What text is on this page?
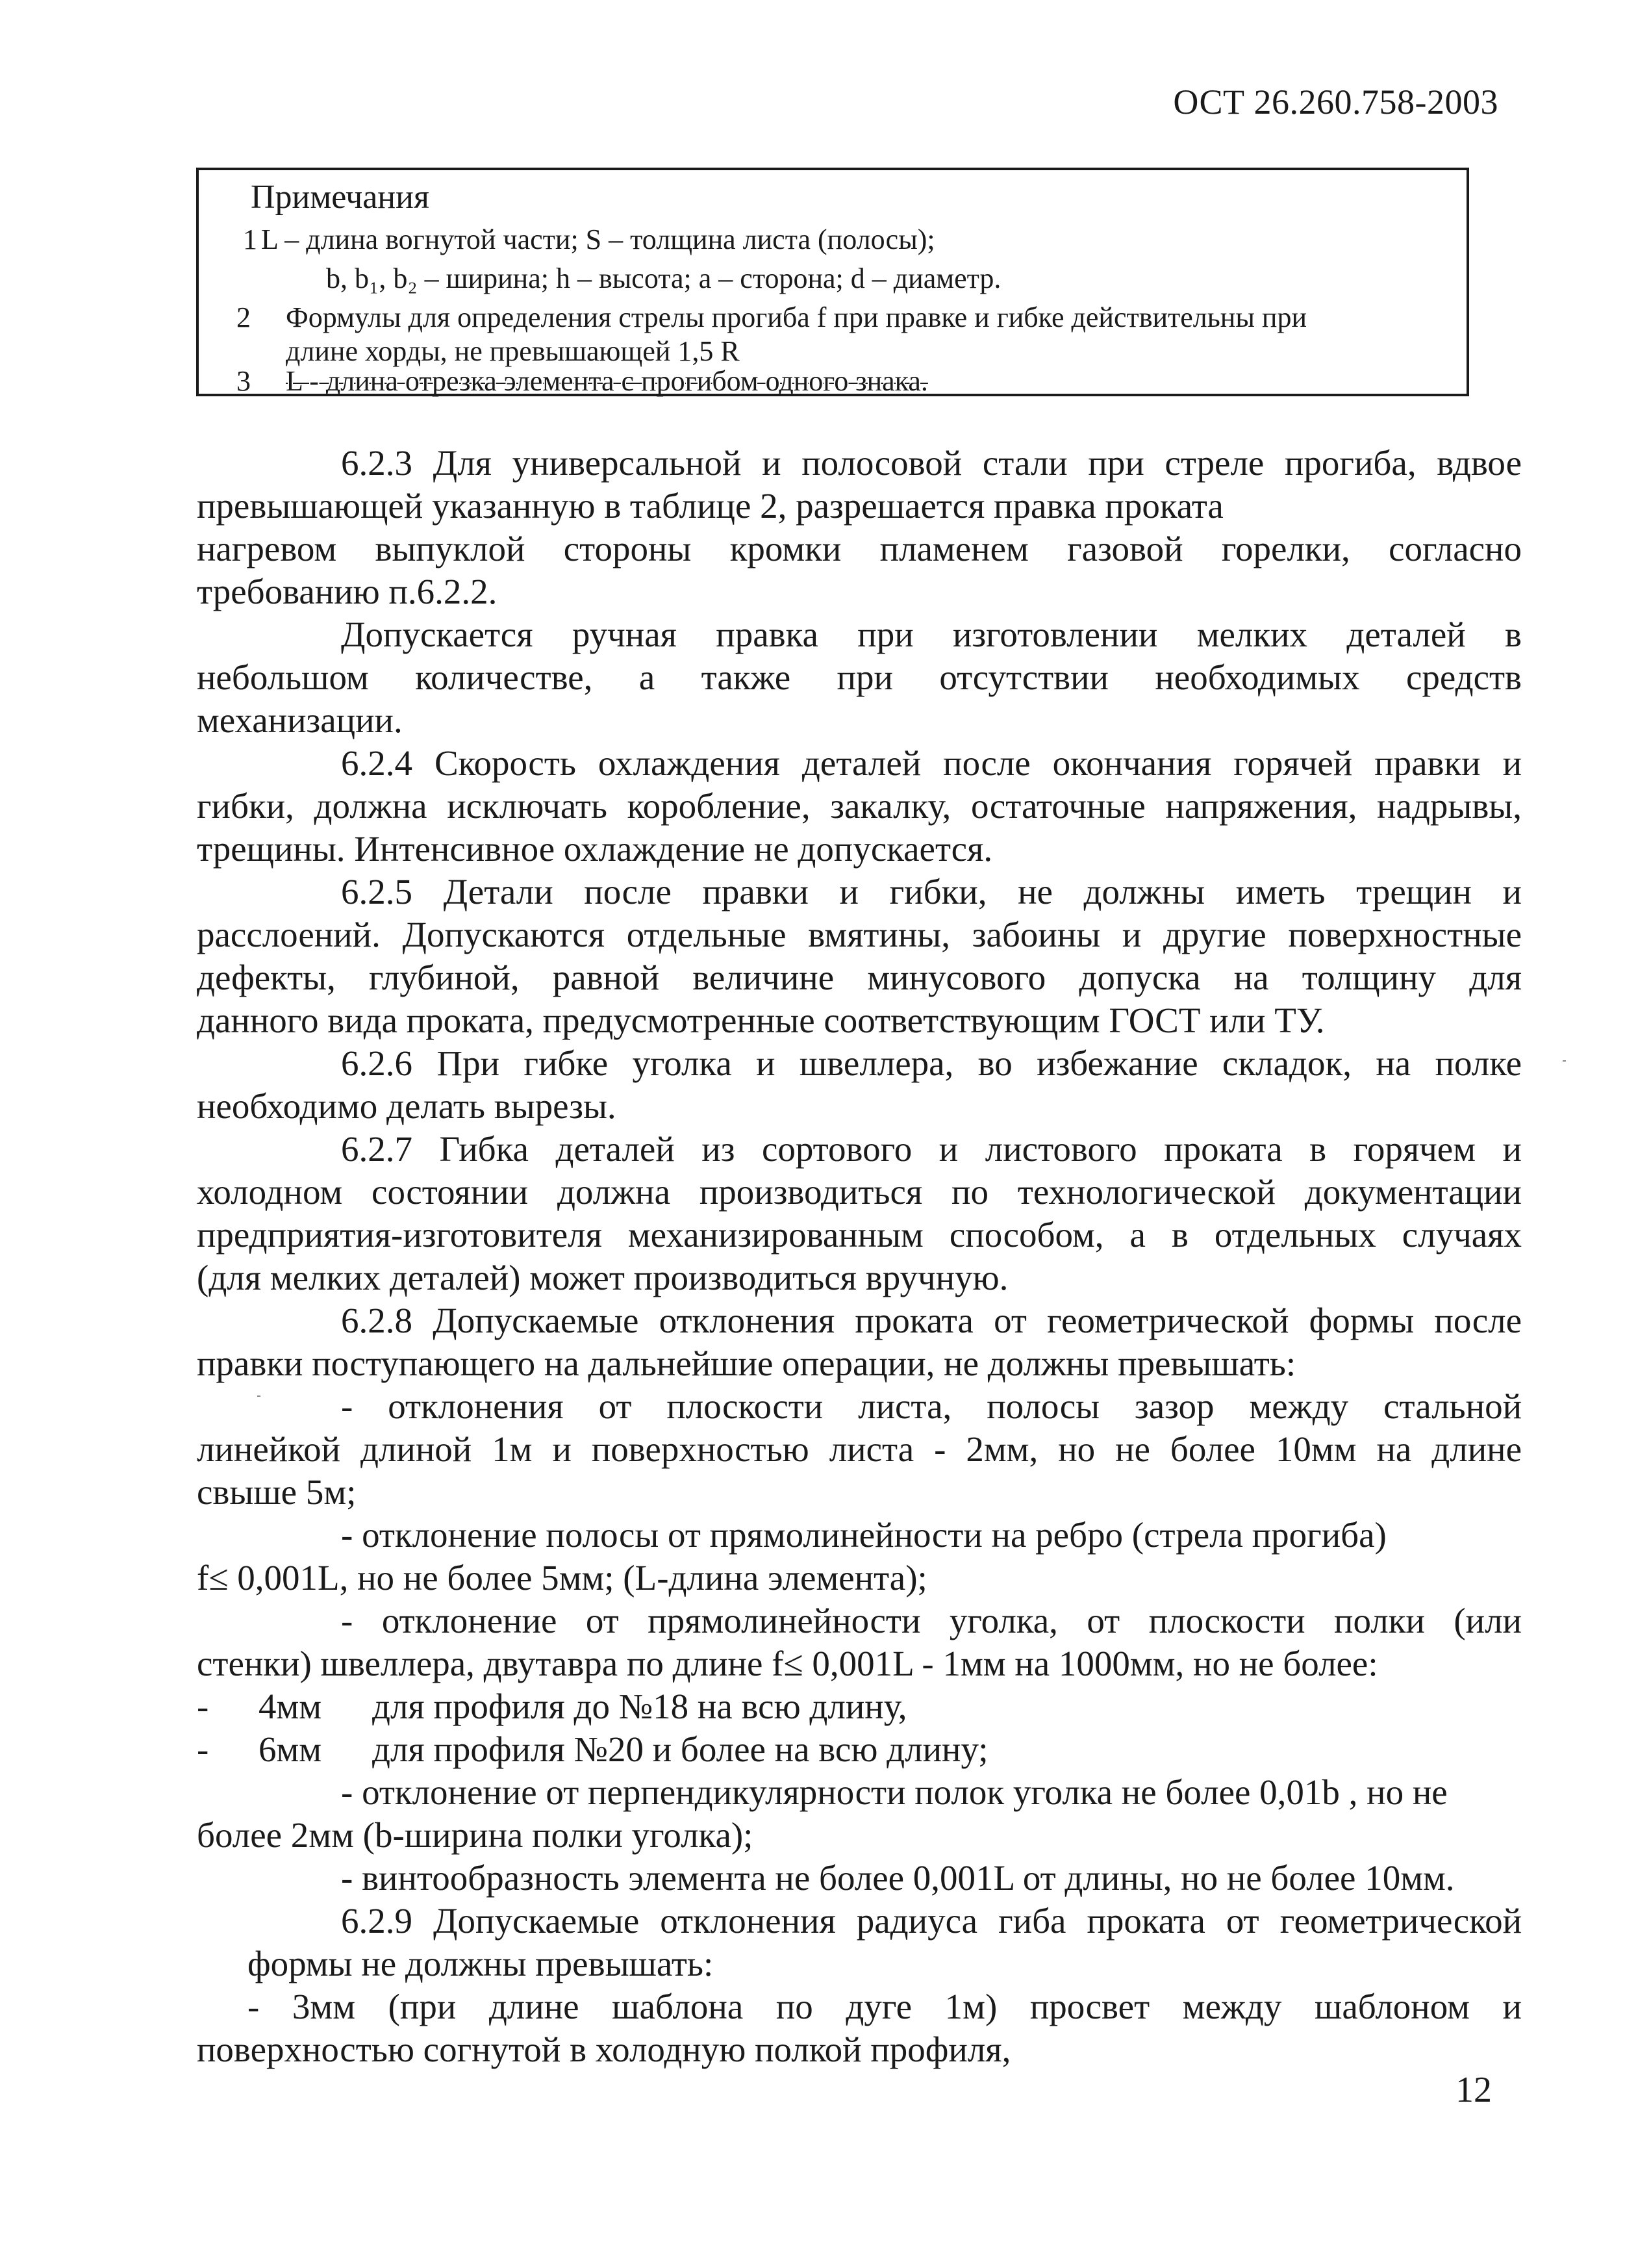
ОСТ 26.260.758-2003
Примечания
1 L – длина вогнутой части; S – толщина листа (полосы);
b, b₁, b₂ – ширина; h – высота; a – сторона; d – диаметр.
2 Формулы для определения стрелы прогиба f при правке и гибке действительны при
длине хорды, не превышающей 1,5 R
3 L - длина отрезка элемента с прогибом одного знака.

6.2.3 Для универсальной и полосовой стали при стреле прогиба, вдвое

превышающей указанную в таблице 2, разрешается правка проката

нагревом выпуклой стороны кромки пламенем газовой горелки, согласно

требованию п.6.2.2.

Допускается ручная правка при изготовлении мелких деталей в

небольшом количестве, а также при отсутствии необходимых средств

механизации.

6.2.4 Скорость охлаждения деталей после окончания горячей правки и

гибки, должна исключать коробление, закалку, остаточные напряжения, надрывы,

трещины. Интенсивное охлаждение не допускается.

6.2.5 Детали после правки и гибки, не должны иметь трещин и

расслоений. Допускаются отдельные вмятины, забоины и другие поверхностные

дефекты, глубиной, равной величине минусового допуска на толщину для

данного вида проката, предусмотренные соответствующим ГОСТ или ТУ.

6.2.6 При гибке уголка и швеллера, во избежание складок, на полке

необходимо делать вырезы.

6.2.7 Гибка деталей из сортового и листового проката в горячем и

холодном состоянии должна производиться по технологической документации

предприятия-изготовителя механизированным способом, а в отдельных случаях

(для мелких деталей) может производиться вручную.

6.2.8 Допускаемые отклонения проката от геометрической формы после

правки поступающего на дальнейшие операции, не должны превышать:

- отклонения от плоскости листа, полосы зазор между стальной

линейкой длиной 1м и поверхностью листа - 2мм, но не более 10мм на длине

свыше 5м;

- отклонение полосы от прямолинейности на ребро (стрела прогиба)

f≤ 0,001L, но не более 5мм; (L-длина элемента);

- отклонение от прямолинейности уголка, от плоскости полки (или

стенки) швеллера, двутавра по длине f≤ 0,001L - 1мм на 1000мм, но не более:

- 4мм для профиля до №18 на всю длину,

- 6мм для профиля №20 и более на всю длину;

- отклонение от перпендикулярности полок уголка не более 0,01b , но не

более 2мм (b-ширина полки уголка);

- винтообразность элемента не более 0,001L от длины, но не более 10мм.

6.2.9 Допускаемые отклонения радиуса гиба проката от геометрической

формы не должны превышать:

- 3мм (при длине шаблона по дуге 1м) просвет между шаблоном и

поверхностью согнутой в холодную полкой профиля,

12
